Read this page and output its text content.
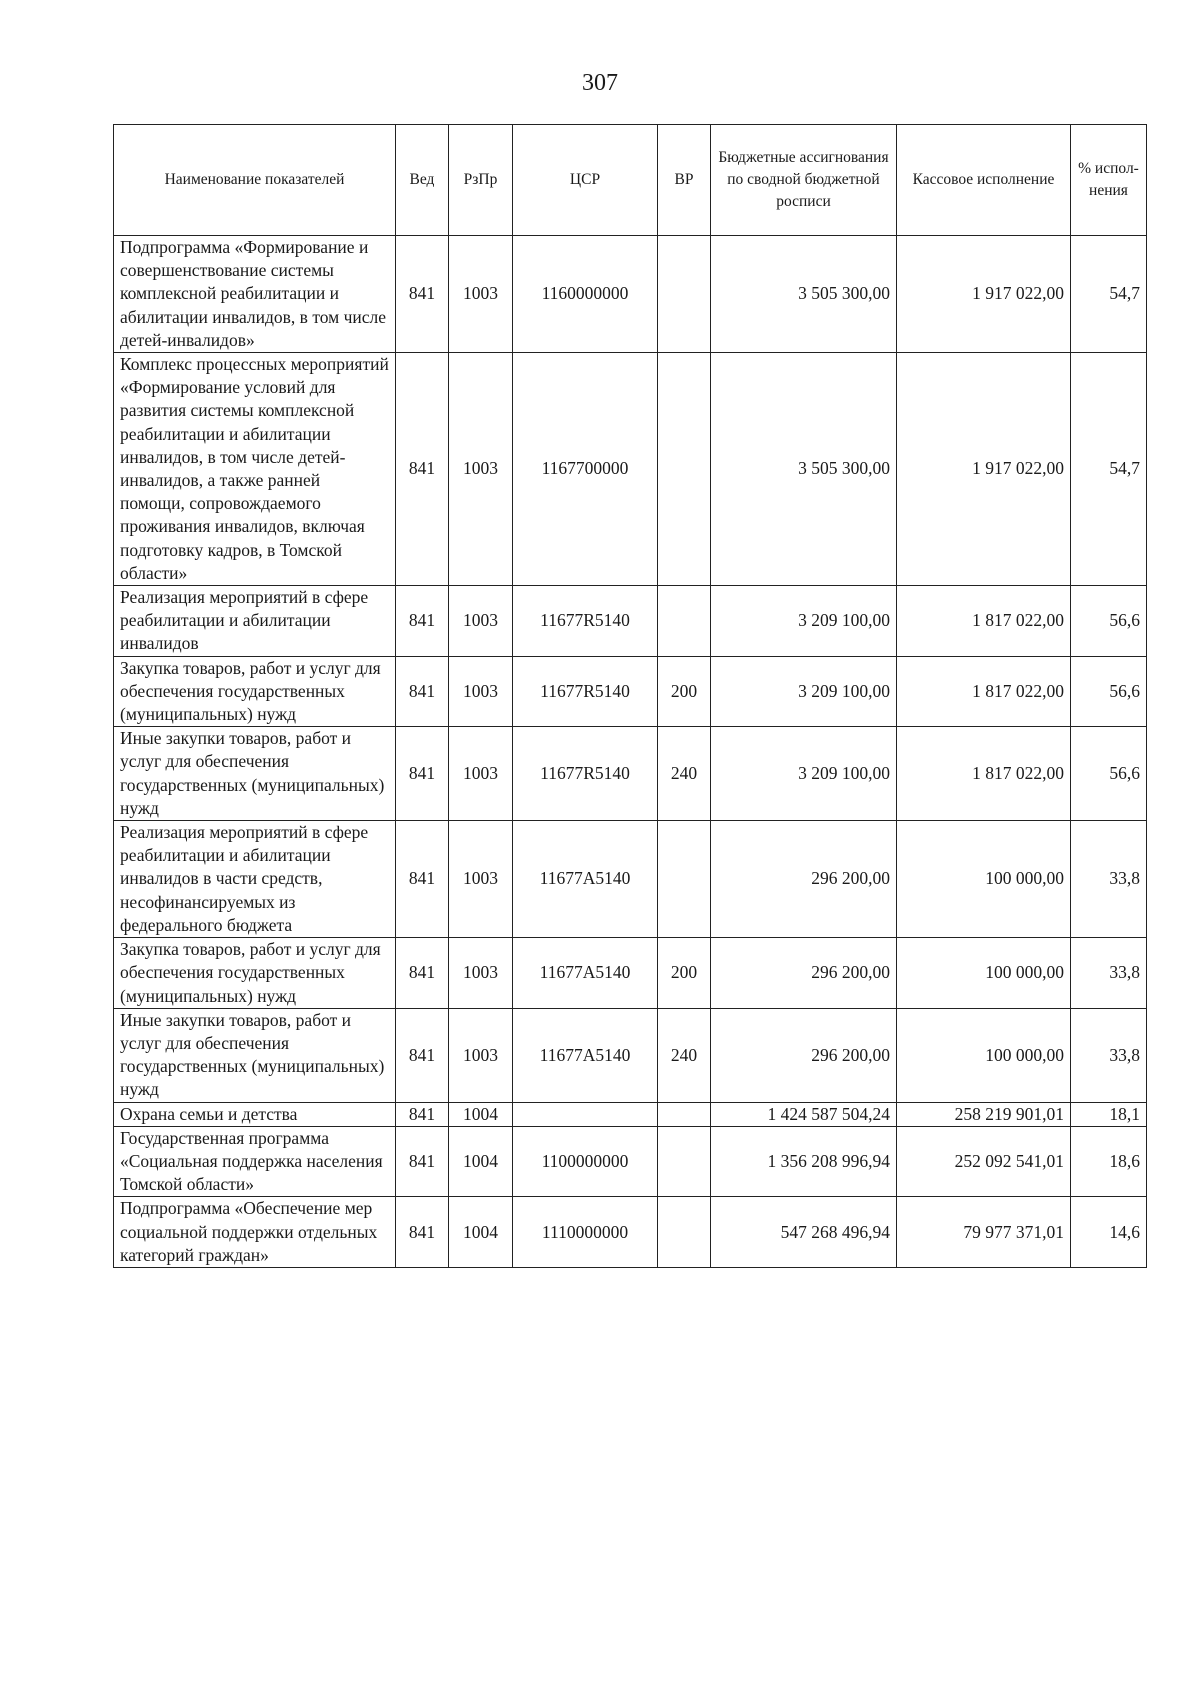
307
Наименование показателей	Вед	РзПр	ЦСР	ВР	Бюджетные ассигнования по сводной бюджетной росписи	Кассовое исполнение	% испол-нения
Подпрограмма «Формирование и совершенствование системы комплексной реабилитации и абилитации инвалидов, в том числе детей-инвалидов»	841	1003	1160000000		3 505 300,00	1 917 022,00	54,7
Комплекс процессных мероприятий «Формирование условий для развития системы комплексной реабилитации и абилитации инвалидов, в том числе детей-инвалидов, а также ранней помощи, сопровождаемого проживания инвалидов, включая подготовку кадров, в Томской области»	841	1003	1167700000		3 505 300,00	1 917 022,00	54,7
Реализация мероприятий в сфере реабилитации и абилитации инвалидов	841	1003	11677R5140		3 209 100,00	1 817 022,00	56,6
Закупка товаров, работ и услуг для обеспечения государственных (муниципальных) нужд	841	1003	11677R5140	200	3 209 100,00	1 817 022,00	56,6
Иные закупки товаров, работ и услуг для обеспечения государственных (муниципальных) нужд	841	1003	11677R5140	240	3 209 100,00	1 817 022,00	56,6
Реализация мероприятий в сфере реабилитации и абилитации инвалидов в части средств, несофинансируемых из федерального бюджета	841	1003	11677A5140		296 200,00	100 000,00	33,8
Закупка товаров, работ и услуг для обеспечения государственных (муниципальных) нужд	841	1003	11677A5140	200	296 200,00	100 000,00	33,8
Иные закупки товаров, работ и услуг для обеспечения государственных (муниципальных) нужд	841	1003	11677A5140	240	296 200,00	100 000,00	33,8
Охрана семьи и детства	841	1004			1 424 587 504,24	258 219 901,01	18,1
Государственная программа «Социальная поддержка населения Томской области»	841	1004	1100000000		1 356 208 996,94	252 092 541,01	18,6
Подпрограмма «Обеспечение мер социальной поддержки отдельных категорий граждан»	841	1004	1110000000		547 268 496,94	79 977 371,01	14,6
